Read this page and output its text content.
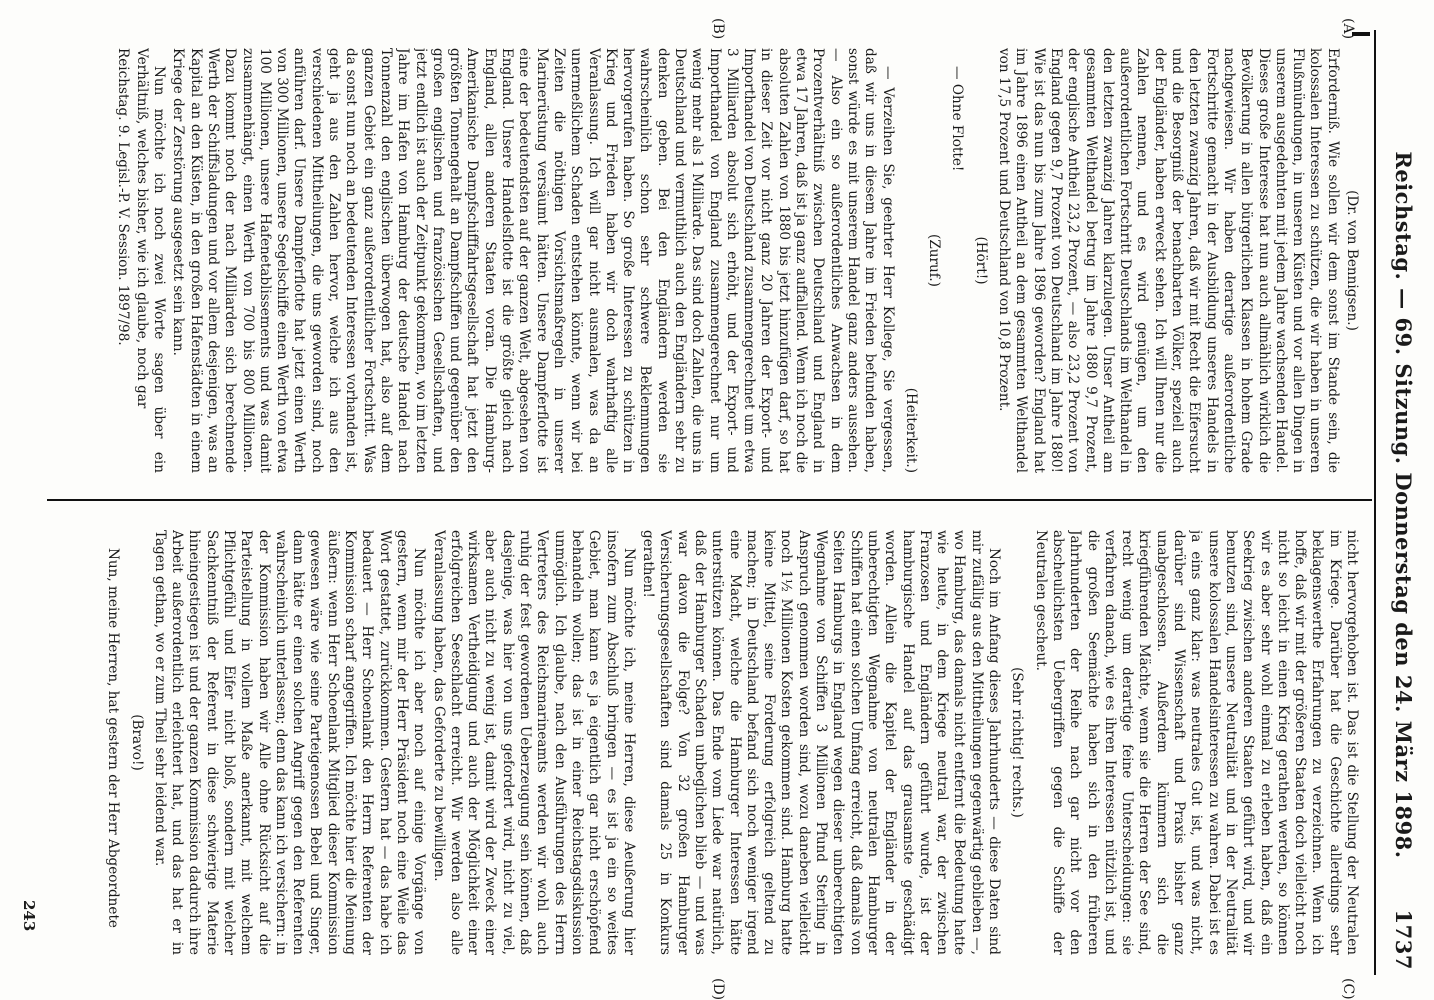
Reichstag. — 69. Sitzung. Donnerstag den 24. März 1898.
1737
(A)
(B)
(C)
(D)

(Dr. von Bennigsen.)

Erforderniß. Wie sollen wir dem sonst im Stande sein, die kolossalen Interessen zu schützen, die wir haben in unseren Flußmündungen, in unseren Küsten und vor allen Dingen in unserem ausgedehnten mit jedem Jahre wachsenden Handel. Dieses große Interesse hat nun auch allmählich wirklich die Bevölkerung in allen bürgerlichen Klassen in hohem Grade nachgewiesen. Wir haben derartige außerordentliche Fortschritte gemacht in der Ausbildung unseres Handels in den letzten zwanzig Jahren, daß wir mit Recht die Eifersucht und die Besorgniß der benachbarten Völker, speziell auch der Engländer, haben erweckt sehen. Ich will Ihnen nur die Zahlen nennen, und es wird genügen, um den außerordentlichen Fortschritt Deutschlands im Welthandel in den letzten zwanzig Jahren klarzulegen. Unser Antheil am gesammten Welthandel betrug im Jahre 1880 9,7 Prozent, der englische Antheil 23,2 Prozent, — also 23,2 Prozent von England gegen 9,7 Prozent von Deutschland im Jahre 1880! Wie ist das nun bis zum Jahre 1896 geworden? England hat im Jahre 1896 einen Antheil an dem gesammten Welthandel von 17,5 Prozent und Deutschland von 10,8 Prozent.

(Hört!)

— Ohne Flotte!

(Zuruf.)

(Heiterkeit.)

— Verzeihen Sie, geehrter Herr Kollege, Sie vergessen, daß wir uns in diesem Jahre im Frieden befunden haben, sonst würde es mit unserem Handel ganz anders aussehen. — Also ein so außerordentliches Anwachsen in dem Prozentverhältniß zwischen Deutschland und England in etwa 17 Jahren, daß ist ja ganz auffallend. Wenn ich noch die absoluten Zahlen von 1880 bis jetzt hinzufügen darf, so hat in dieser Zeit vor nicht ganz 20 Jahren der Export- und Importhandel von Deutschland zusammengerechnet um etwa 3 Milliarden absolut sich erhöht, und der Export- und Importhandel von England zusammengerechnet nur um wenig mehr als 1 Milliarde. Das sind doch Zahlen, die uns in Deutschland und vermuthlich auch den Engländern sehr zu denken geben. Bei den Engländern werden sie wahrscheinlich schon sehr schwere Beklemmungen hervorgerufen haben. So große Interessen zu schützen in Krieg und Frieden haben wir doch wahrhaftig alle Veranlassung. Ich will gar nicht ausmalen, was da an unermeßlichem Schaden entstehen könnte, wenn wir bei Zeiten die nöthigen Vorsichtsmaßregeln in unserer Marinerüstung versäumt hätten. Unsere Dampferflotte ist eine der bedeutendsten auf der ganzen Welt, abgesehen von England. Unsere Handelsflotte ist die größte gleich nach England, allen anderen Staaten voran. Die Hamburg-Amerikanische Dampfschifffahrtsgesellschaft hat jetzt den größten Tonnengehalt an Dampfschiffen und gegenüber den großen englischen und französischen Gesellschaften, und jetzt endlich ist auch der Zeitpunkt gekommen, wo im letzten Jahre im Hafen von Hamburg der deutsche Handel nach Tonnenzahl den englischen überwogen hat, also auf dem ganzen Gebiet ein ganz außerordentlicher Fortschritt. Was da sonst nun noch an bedeutenden Interessen vorhanden ist, geht ja aus den Zahlen hervor, welche ich aus den verschiedenen Mittheilungen, die uns geworden sind, noch anführen darf. Unsere Dampferflotte hat jetzt einen Werth von 300 Millionen, unsere Segelschiffe einen Werth von etwa 100 Millionen, unsere Hafenetablissements und was damit zusammenhängt, einen Werth von 700 bis 800 Millionen. Dazu kommt noch der nach Milliarden sich berechnende Werth der Schiffsladungen und vor allem desjenigen, was an Kapital an den Küsten, in den großen Hafenstädten in einem Kriege der Zerstörung ausgesetzt sein kann.

Nun möchte ich noch zwei Worte sagen über ein Verhältniß, welches bisher, wie ich glaube, noch gar

Reichstag. 9. Legisl.-P. V. Session. 1897/98.

nicht hervorgehoben ist. Das ist die Stellung der Neutralen im Kriege. Darüber hat die Geschichte allerdings sehr beklagenswerthe Erfahrungen zu verzeichnen. Wenn ich hoffe, daß wir mit der größeren Staaten doch vielleicht noch nicht so leicht in einen Krieg gerathen werden, so können wir es aber sehr wohl einmal zu erleben haben, daß ein Seekrieg zwischen anderen Staaten geführt wird, und wir benutzen sind, unsere Neutralität und in der Neutralität unsere kolossalen Handelsinteressen zu wahren. Dabei ist es ja eins ganz klar: was neutrales Gut ist, und was nicht, darüber sind Wissenschaft und Praxis bisher ganz unabgeschlossen. Außerdem kümmern sich die kriegführenden Mächte, wenn sie die Herren der See sind, recht wenig um derartige feine Unterscheidungen: sie verfahren danach, wie es ihren Interessen nützlich ist, und die großen Seemächte haben sich in den früheren Jahrhunderten der Reihe nach gar nicht vor den abscheulichsten Uebergriffen gegen die Schiffe der Neutralen gescheut.

(Sehr richtig! rechts.)

Noch im Anfang dieses Jahrhunderts — diese Daten sind mir zufällig aus den Mittheilungen gegenwärtig geblieben —, wo Hamburg, das damals nicht entfernt die Bedeutung hatte wie heute, in dem Kriege neutral war, der zwischen Franzosen und Engländern geführt wurde, ist der hamburgische Handel auf das grausamste geschädigt worden. Allein die Kapitel der Engländer in der unberechtigten Wegnahme von neutralen Hamburger Schiffen hat einen solchen Umfang erreicht, daß damals von Seiten Hamburgs in England wegen dieser unberechtigten Wegnahme von Schiffen 3 Millionen Pfund Sterling in Anspruch genommen worden sind, wozu daneben vielleicht noch 1½ Millionen Kosten gekommen sind. Hamburg hatte keine Mittel, seine Forderung erfolgreich geltend zu machen; in Deutschland befand sich noch weniger irgend eine Macht, welche die Hamburger Interessen hätte unterstützen können. Das Ende vom Liede war natürlich, daß der Hamburger Schaden unbeglichen blieb — und was war davon die Folge? Von 32 großen Hamburger Versicherungsgesellschaften sind damals 25 in Konkurs gerathen!

Nun möchte ich, meine Herren, diese Aeußerung hier insofern zum Abschluß bringen — es ist ja ein so weites Gebiet, man kann es ja eigentlich gar nicht erschöpfend behandeln wollen; das ist in einer Reichstagsdiskussion unmöglich. Ich glaube, nach den Ausführungen des Herrn Vertreters des Reichsmarineamts werden wir wohl auch ruhig der fest gewordenen Ueberzeugung sein können, daß dasjenige, was hier von uns gefordert wird, nicht zu viel, aber auch nicht zu wenig ist, damit wird der Zweck einer wirksamen Vertheidigung und auch der Möglichkeit einer erfolgreichen Seeschlacht erreicht. Wir werden also alle Veranlassung haben, das Geforderte zu bewilligen.

Nun möchte ich aber noch auf einige Vorgänge von gestern, wenn mir der Herr Präsident noch eine Weile das Wort gestattet, zurückkommen. Gestern hat — das habe ich bedauert — Herr Schoenlank den Herrn Referenten der Kommission scharf angegriffen. Ich möchte hier die Meinung äußern: wenn Herr Schoenlank Mitglied dieser Kommission gewesen wäre wie seine Parteigenossen Bebel und Singer, dann hätte er einen solchen Angriff gegen den Referenten wahrscheinlich unterlassen; denn das kann ich versichern: in der Kommission haben wir Alle ohne Rücksicht auf die Parteistellung in vollem Maße anerkannt, mit welchem Pflichtgefühl und Eifer nicht bloß, sondern mit welcher Sachkenntniß der Referent in diese schwierige Materie hineingestiegen ist und der ganzen Kommission dadurch ihre Arbeit außerordentlich erleichtert hat, und das hat er in Tagen gethan, wo er zum Theil sehr leidend war.

(Bravo!)

Nun, meine Herren, hat gestern der Herr Abgeordnete

243
